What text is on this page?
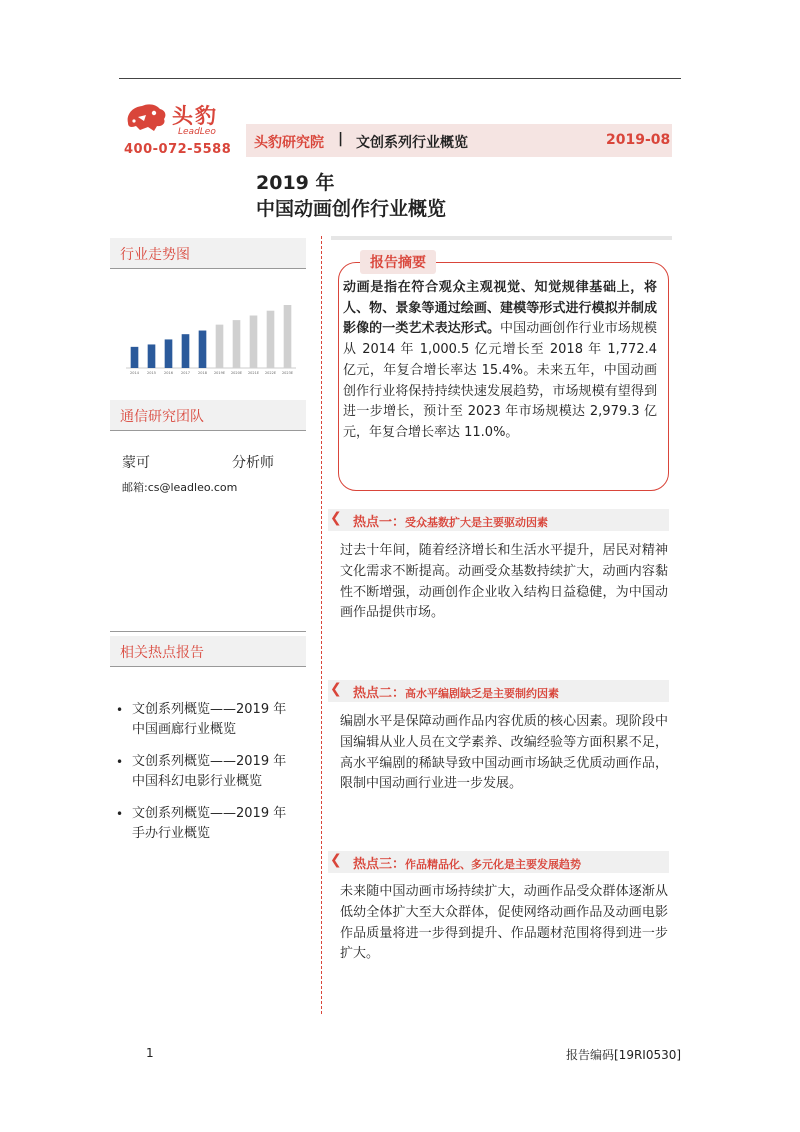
头豹
LeadLeo
400-072-5588 头豹研究院 | 文创系列行业概览	2019-08
2019 年
中国动画创作行业概览
行业走势图
2014 2015 2016 2017 2018 2019E 2020E 2021E 2022E 2023E
通信研究团队
蒙可	分析师
邮箱:cs@leadleo.com
相关热点报告
• 文创系列概览——2019 年
中国画廊行业概览
• 文创系列概览——2019 年
中国科幻电影行业概览
• 文创系列概览——2019 年
手办行业概览
报告摘要
动画是指在符合观众主观视觉、知觉规律基础上，将人、物、景象等通过绘画、建模等形式进行模拟并制成影像的一类艺术表达形式。中国动画创作行业市场规模从 2014 年 1,000.5 亿元增长至 2018 年 1,772.4 亿元，年复合增长率达 15.4%。未来五年，中国动画创作行业将保持持续快速发展趋势，市场规模有望得到进一步增长，预计至 2023 年市场规模达 2,979.3 亿元，年复合增长率达 11.0%。
❮ 热点一：受众基数扩大是主要驱动因素
过去十年间，随着经济增长和生活水平提升，居民对精神文化需求不断提高。动画受众基数持续扩大，动画内容黏性不断增强，动画创作企业收入结构日益稳健，为中国动画作品提供市场。
❮ 热点二：高水平编剧缺乏是主要制约因素
编剧水平是保障动画作品内容优质的核心因素。现阶段中国编辑从业人员在文学素养、改编经验等方面积累不足，高水平编剧的稀缺导致中国动画市场缺乏优质动画作品，限制中国动画行业进一步发展。
❮ 热点三：作品精品化、多元化是主要发展趋势
未来随中国动画市场持续扩大，动画作品受众群体逐渐从低幼全体扩大至大众群体，促使网络动画作品及动画电影作品质量将进一步得到提升、作品题材范围将得到进一步扩大。
1	报告编码[19RI0530]
